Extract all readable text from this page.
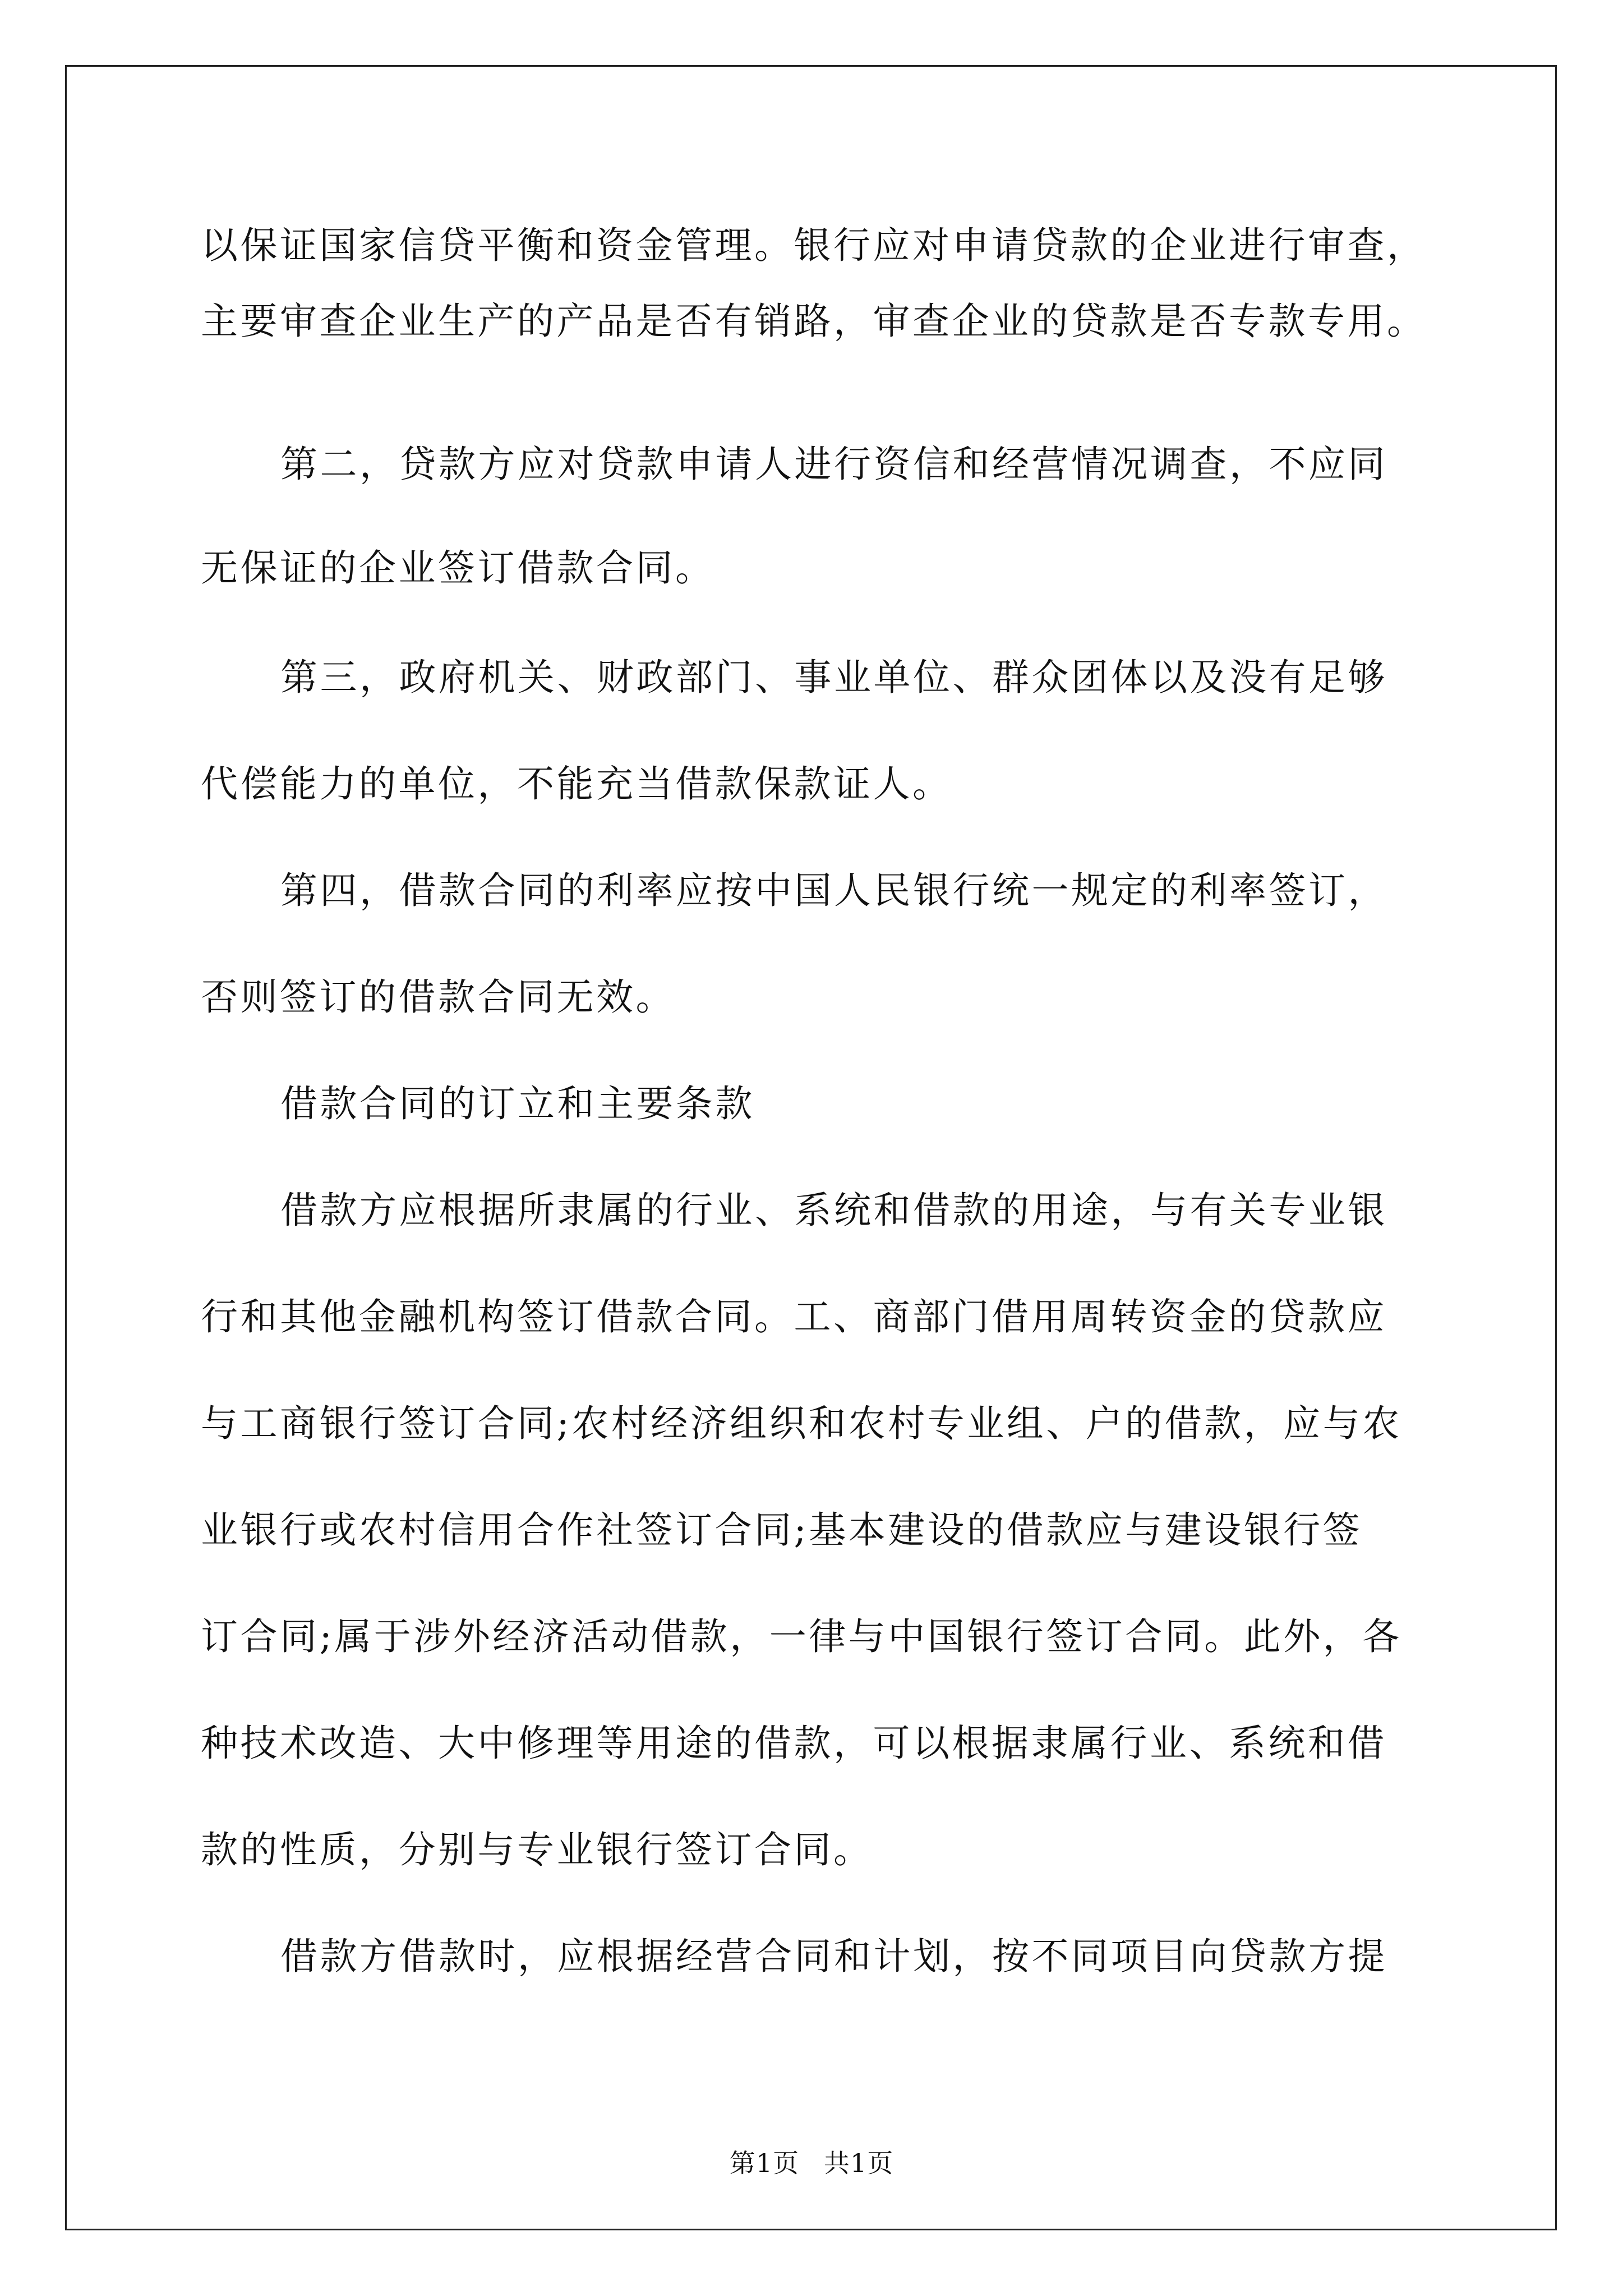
以保证国家信贷平衡和资金管理。银行应对申请贷款的企业进行审查，
主要审查企业生产的产品是否有销路，审查企业的贷款是否专款专用。
第二，贷款方应对贷款申请人进行资信和经营情况调查，不应同
无保证的企业签订借款合同。
第三，政府机关、财政部门、事业单位、群众团体以及没有足够
代偿能力的单位，不能充当借款保款证人。
第四，借款合同的利率应按中国人民银行统一规定的利率签订，
否则签订的借款合同无效。
借款合同的订立和主要条款
借款方应根据所隶属的行业、系统和借款的用途，与有关专业银
行和其他金融机构签订借款合同。工、商部门借用周转资金的贷款应
与工商银行签订合同;农村经济组织和农村专业组、户的借款，应与农
业银行或农村信用合作社签订合同;基本建设的借款应与建设银行签
订合同;属于涉外经济活动借款，一律与中国银行签订合同。此外，各
种技术改造、大中修理等用途的借款，可以根据隶属行业、系统和借
款的性质，分别与专业银行签订合同。
借款方借款时，应根据经营合同和计划，按不同项目向贷款方提
第1页 共1页
